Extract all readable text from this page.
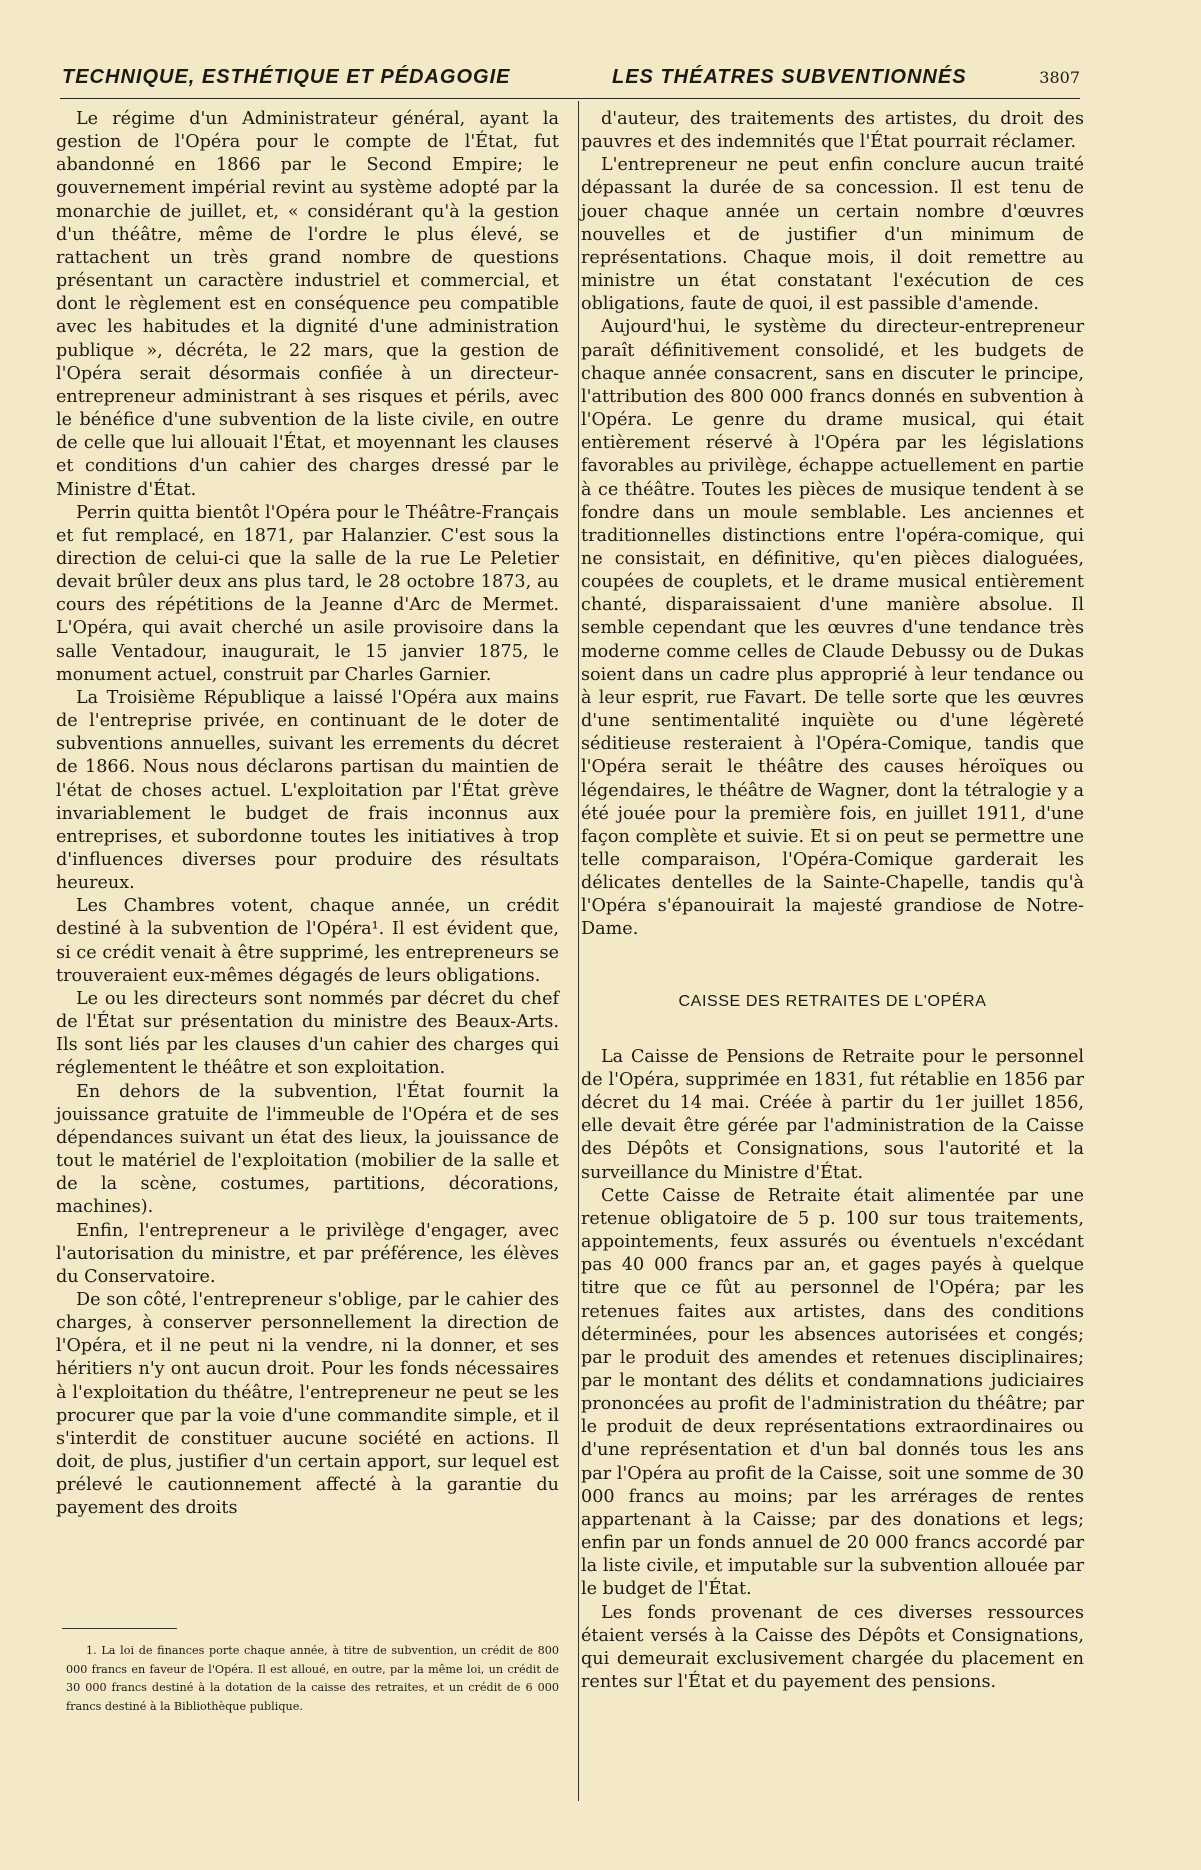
TECHNIQUE, ESTHÉTIQUE ET PÉDAGOGIE	LES THÉATRES SUBVENTIONNÉS	3807

Le régime d'un Administrateur général, ayant la gestion de l'Opéra pour le compte de l'État, fut abandonné en 1866 par le Second Empire; le gouvernement impérial revint au système adopté par la monarchie de juillet, et, « considérant qu'à la gestion d'un théâtre, même de l'ordre le plus élevé, se rattachent un très grand nombre de questions présentant un caractère industriel et commercial, et dont le règlement est en conséquence peu compatible avec les habitudes et la dignité d'une administration publique », décréta, le 22 mars, que la gestion de l'Opéra serait désormais confiée à un directeur-entrepreneur administrant à ses risques et périls, avec le bénéfice d'une subvention de la liste civile, en outre de celle que lui allouait l'État, et moyennant les clauses et conditions d'un cahier des charges dressé par le Ministre d'État.

Perrin quitta bientôt l'Opéra pour le Théâtre-Français et fut remplacé, en 1871, par Halanzier. C'est sous la direction de celui-ci que la salle de la rue Le Peletier devait brûler deux ans plus tard, le 28 octobre 1873, au cours des répétitions de la Jeanne d'Arc de Mermet. L'Opéra, qui avait cherché un asile provisoire dans la salle Ventadour, inaugurait, le 15 janvier 1875, le monument actuel, construit par Charles Garnier.

La Troisième République a laissé l'Opéra aux mains de l'entreprise privée, en continuant de le doter de subventions annuelles, suivant les errements du décret de 1866. Nous nous déclarons partisan du maintien de l'état de choses actuel. L'exploitation par l'État grève invariablement le budget de frais inconnus aux entreprises, et subordonne toutes les initiatives à trop d'influences diverses pour produire des résultats heureux.

Les Chambres votent, chaque année, un crédit destiné à la subvention de l'Opéra¹. Il est évident que, si ce crédit venait à être supprimé, les entrepreneurs se trouveraient eux-mêmes dégagés de leurs obligations.

Le ou les directeurs sont nommés par décret du chef de l'État sur présentation du ministre des Beaux-Arts. Ils sont liés par les clauses d'un cahier des charges qui réglementent le théâtre et son exploitation.

En dehors de la subvention, l'État fournit la jouissance gratuite de l'immeuble de l'Opéra et de ses dépendances suivant un état des lieux, la jouissance de tout le matériel de l'exploitation (mobilier de la salle et de la scène, costumes, partitions, décorations, machines).

Enfin, l'entrepreneur a le privilège d'engager, avec l'autorisation du ministre, et par préférence, les élèves du Conservatoire.

De son côté, l'entrepreneur s'oblige, par le cahier des charges, à conserver personnellement la direction de l'Opéra, et il ne peut ni la vendre, ni la donner, et ses héritiers n'y ont aucun droit. Pour les fonds nécessaires à l'exploitation du théâtre, l'entrepreneur ne peut se les procurer que par la voie d'une commandite simple, et il s'interdit de constituer aucune société en actions. Il doit, de plus, justifier d'un certain apport, sur lequel est prélevé le cautionnement affecté à la garantie du payement des droits

1. La loi de finances porte chaque année, à titre de subvention, un crédit de 800 000 francs en faveur de l'Opéra. Il est alloué, en outre, par la même loi, un crédit de 30 000 francs destiné à la dotation de la caisse des retraites, et un crédit de 6 000 francs destiné à la Bibliothèque publique.

d'auteur, des traitements des artistes, du droit des pauvres et des indemnités que l'État pourrait réclamer.

L'entrepreneur ne peut enfin conclure aucun traité dépassant la durée de sa concession. Il est tenu de jouer chaque année un certain nombre d'œuvres nouvelles et de justifier d'un minimum de représentations. Chaque mois, il doit remettre au ministre un état constatant l'exécution de ces obligations, faute de quoi, il est passible d'amende.

Aujourd'hui, le système du directeur-entrepreneur paraît définitivement consolidé, et les budgets de chaque année consacrent, sans en discuter le principe, l'attribution des 800 000 francs donnés en subvention à l'Opéra. Le genre du drame musical, qui était entièrement réservé à l'Opéra par les législations favorables au privilège, échappe actuellement en partie à ce théâtre. Toutes les pièces de musique tendent à se fondre dans un moule semblable. Les anciennes et traditionnelles distinctions entre l'opéra-comique, qui ne consistait, en définitive, qu'en pièces dialoguées, coupées de couplets, et le drame musical entièrement chanté, disparaissaient d'une manière absolue. Il semble cependant que les œuvres d'une tendance très moderne comme celles de Claude Debussy ou de Dukas soient dans un cadre plus approprié à leur tendance ou à leur esprit, rue Favart. De telle sorte que les œuvres d'une sentimentalité inquiète ou d'une légèreté séditieuse resteraient à l'Opéra-Comique, tandis que l'Opéra serait le théâtre des causes héroïques ou légendaires, le théâtre de Wagner, dont la tétralogie y a été jouée pour la première fois, en juillet 1911, d'une façon complète et suivie. Et si on peut se permettre une telle comparaison, l'Opéra-Comique garderait les délicates dentelles de la Sainte-Chapelle, tandis qu'à l'Opéra s'épanouirait la majesté grandiose de Notre-Dame.

CAISSE DES RETRAITES DE L'OPÉRA

La Caisse de Pensions de Retraite pour le personnel de l'Opéra, supprimée en 1831, fut rétablie en 1856 par décret du 14 mai. Créée à partir du 1er juillet 1856, elle devait être gérée par l'administration de la Caisse des Dépôts et Consignations, sous l'autorité et la surveillance du Ministre d'État.

Cette Caisse de Retraite était alimentée par une retenue obligatoire de 5 p. 100 sur tous traitements, appointements, feux assurés ou éventuels n'excédant pas 40 000 francs par an, et gages payés à quelque titre que ce fût au personnel de l'Opéra; par les retenues faites aux artistes, dans des conditions déterminées, pour les absences autorisées et congés; par le produit des amendes et retenues disciplinaires; par le montant des délits et condamnations judiciaires prononcées au profit de l'administration du théâtre; par le produit de deux représentations extraordinaires ou d'une représentation et d'un bal donnés tous les ans par l'Opéra au profit de la Caisse, soit une somme de 30 000 francs au moins; par les arrérages de rentes appartenant à la Caisse; par des donations et legs; enfin par un fonds annuel de 20 000 francs accordé par la liste civile, et imputable sur la subvention allouée par le budget de l'État.

Les fonds provenant de ces diverses ressources étaient versés à la Caisse des Dépôts et Consignations, qui demeurait exclusivement chargée du placement en rentes sur l'État et du payement des pensions.
